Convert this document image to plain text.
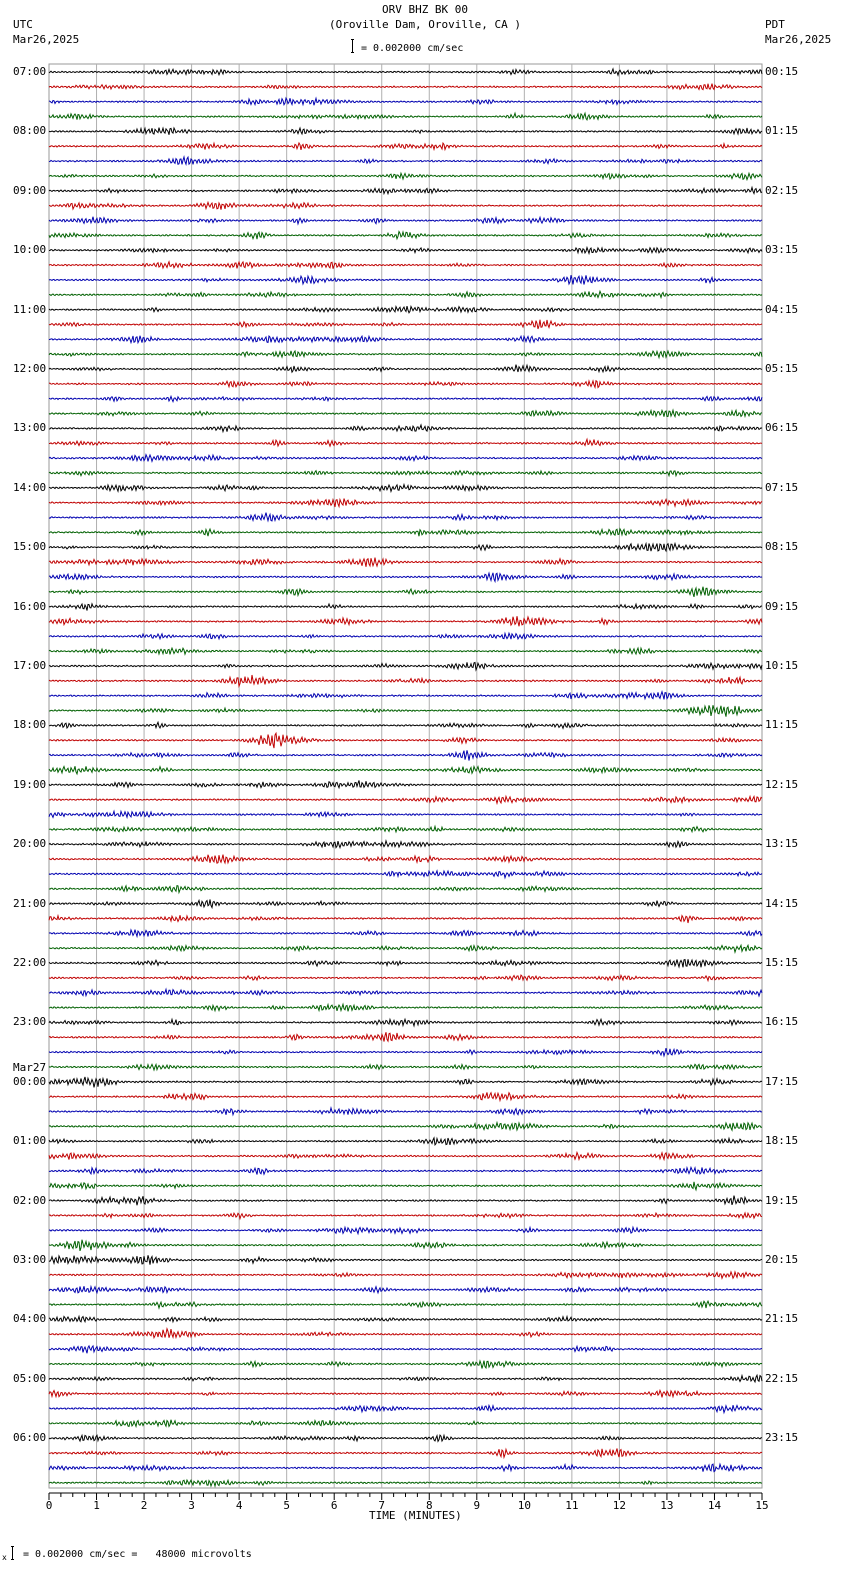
0	1	2	3	4	5	6	7	8	9	10	11	12	13	14	15
ORV BHZ BK 00
(Oroville Dam, Oroville, CA )
= 0.002000 cm/sec
UTC
Mar26,2025
PDT
Mar26,2025
07:00
08:00
09:00
10:00
11:00
12:00
13:00
14:00
15:00
16:00
17:00
18:00
19:00
20:00
21:00
22:00
23:00
00:00
01:00
02:00
03:00
04:00
05:00
06:00
00:15
01:15
02:15
03:15
04:15
05:15
06:15
07:15
08:15
09:15
10:15
11:15
12:15
13:15
14:15
15:15
16:15
17:15
18:15
19:15
20:15
21:15
22:15
23:15
Mar27
TIME (MINUTES)
x = 0.002000 cm/sec =   48000 microvolts
